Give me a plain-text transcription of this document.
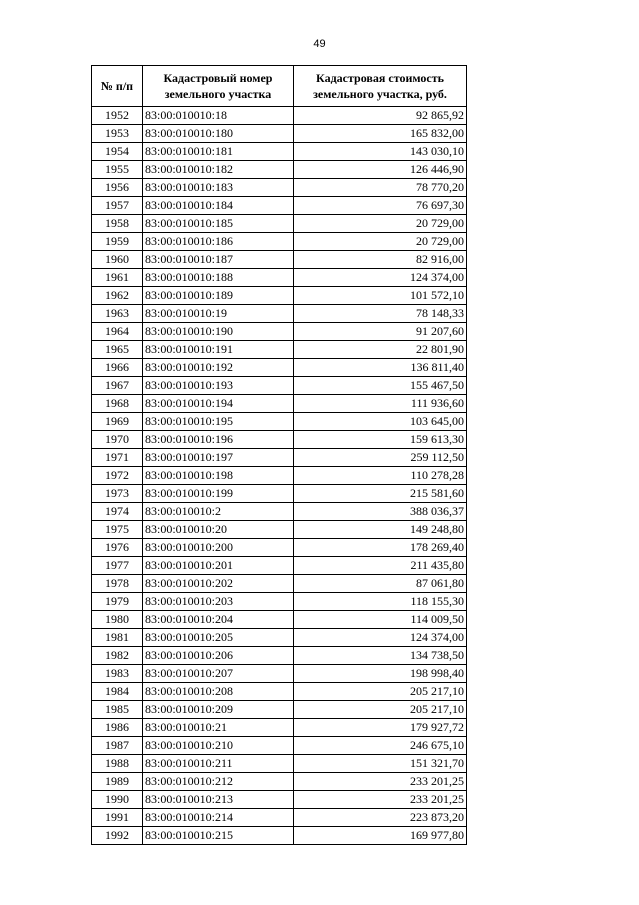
49
№ п/п	Кадастровый номер земельного участка	Кадастровая стоимость земельного участка, руб.
1952	83:00:010010:18	92 865,92
1953	83:00:010010:180	165 832,00
1954	83:00:010010:181	143 030,10
1955	83:00:010010:182	126 446,90
1956	83:00:010010:183	78 770,20
1957	83:00:010010:184	76 697,30
1958	83:00:010010:185	20 729,00
1959	83:00:010010:186	20 729,00
1960	83:00:010010:187	82 916,00
1961	83:00:010010:188	124 374,00
1962	83:00:010010:189	101 572,10
1963	83:00:010010:19	78 148,33
1964	83:00:010010:190	91 207,60
1965	83:00:010010:191	22 801,90
1966	83:00:010010:192	136 811,40
1967	83:00:010010:193	155 467,50
1968	83:00:010010:194	111 936,60
1969	83:00:010010:195	103 645,00
1970	83:00:010010:196	159 613,30
1971	83:00:010010:197	259 112,50
1972	83:00:010010:198	110 278,28
1973	83:00:010010:199	215 581,60
1974	83:00:010010:2	388 036,37
1975	83:00:010010:20	149 248,80
1976	83:00:010010:200	178 269,40
1977	83:00:010010:201	211 435,80
1978	83:00:010010:202	87 061,80
1979	83:00:010010:203	118 155,30
1980	83:00:010010:204	114 009,50
1981	83:00:010010:205	124 374,00
1982	83:00:010010:206	134 738,50
1983	83:00:010010:207	198 998,40
1984	83:00:010010:208	205 217,10
1985	83:00:010010:209	205 217,10
1986	83:00:010010:21	179 927,72
1987	83:00:010010:210	246 675,10
1988	83:00:010010:211	151 321,70
1989	83:00:010010:212	233 201,25
1990	83:00:010010:213	233 201,25
1991	83:00:010010:214	223 873,20
1992	83:00:010010:215	169 977,80
